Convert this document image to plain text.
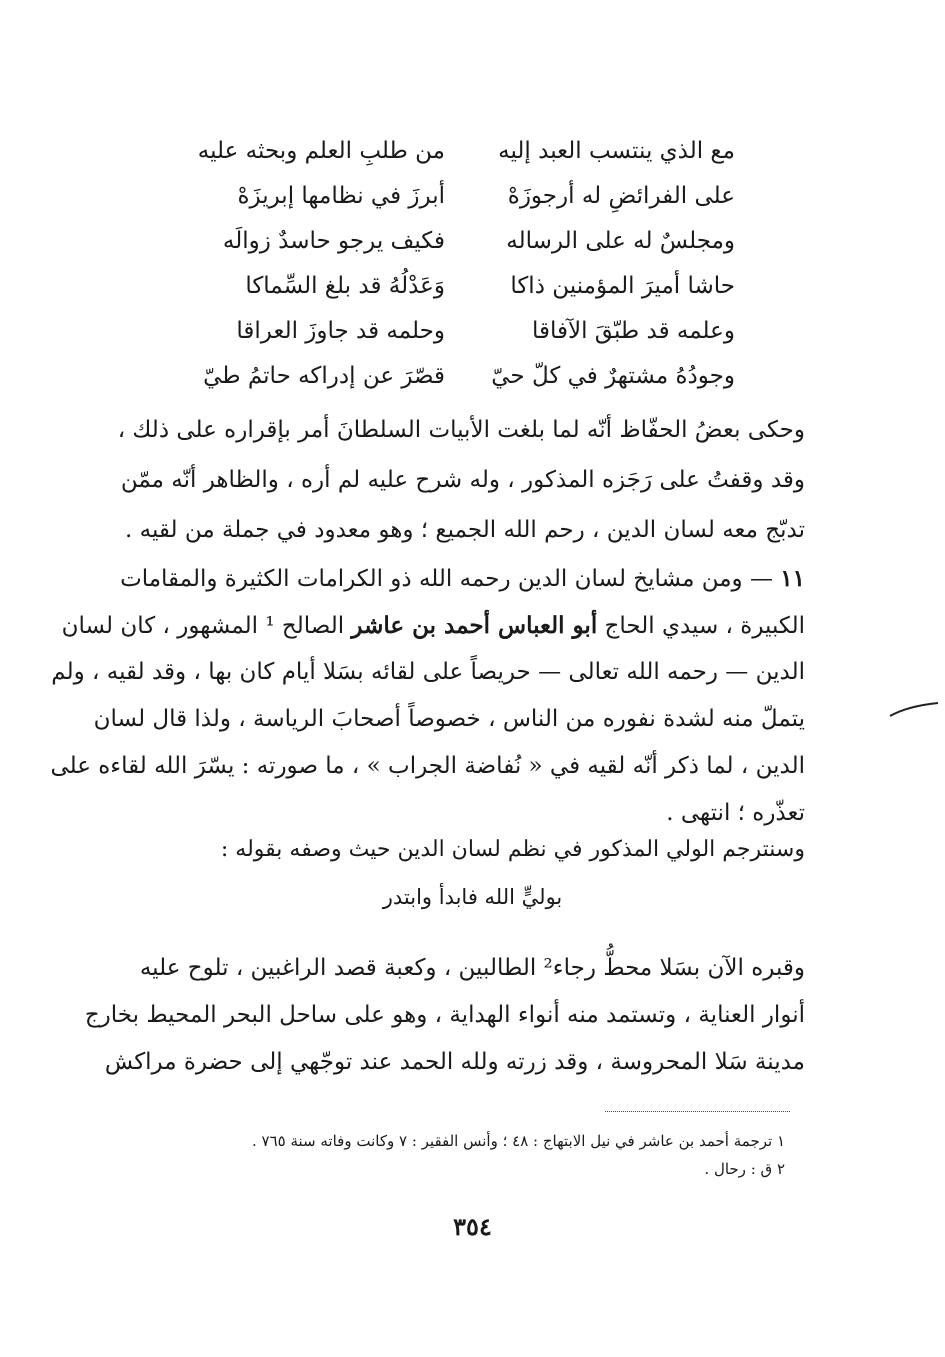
مع الذي ينتسب العبد إليه
من طلبِ العلم وبحثه عليه
على الفرائضِ له أرجوزَهْ
أبرزَ في نظامها إبريزَهْ
ومجلسٌ له على الرساله
فكيف يرجو حاسدٌ زوالَه
حاشا أميرَ المؤمنين ذاكا
وَعَدْلُهُ قد بلغ السِّماكا
وعلمه قد طبّقَ الآفاقا
وحلمه قد جاوزَ العراقا
وجودُهُ مشتهرٌ في كلّ حيّ
قصّرَ عن إدراكه حاتمُ طيّ
وحكى بعضُ الحفّاظ أنّه لما بلغت الأبيات السلطانَ أمر بإقراره على ذلك ،
وقد وقفتُ على رَجَزه المذكور ، وله شرح عليه لم أره ، والظاهر أنّه ممّن
تدبّج معه لسان الدين ، رحم الله الجميع ؛ وهو معدود في جملة من لقيه .
١١ — ومن مشايخ لسان الدين رحمه الله ذو الكرامات الكثيرة والمقامات
الكبيرة ، سيدي الحاج أبو العباس أحمد بن عاشر الصالح ¹ المشهور ، كان لسان
الدين — رحمه الله تعالى — حريصاً على لقائه بسَلا أيام كان بها ، وقد لقيه ، ولم
يتملّ منه لشدة نفوره من الناس ، خصوصاً أصحابَ الرياسة ، ولذا قال لسان
الدين ، لما ذكر أنّه لقيه في « نُفاضة الجراب » ، ما صورته : يسّرَ الله لقاءه على
تعذّره ؛ انتهى .
وسنترجم الولي المذكور في نظم لسان الدين حيث وصفه بقوله :
بوليٍّ الله فابدأ وابتدر
وقبره الآن بسَلا محطُّ رجاء² الطالبين ، وكعبة قصد الراغبين ، تلوح عليه
أنوار العناية ، وتستمد منه أنواء الهداية ، وهو على ساحل البحر المحيط بخارج
مدينة سَلا المحروسة ، وقد زرته ولله الحمد عند توجّهي إلى حضرة مراكش
١ ترجمة أحمد بن عاشر في نيل الابتهاج : ٤٨ ؛ وأنس الفقير : ٧ وكانت وفاته سنة ٧٦٥ .
٢ ق : رحال .
٣٥٤
